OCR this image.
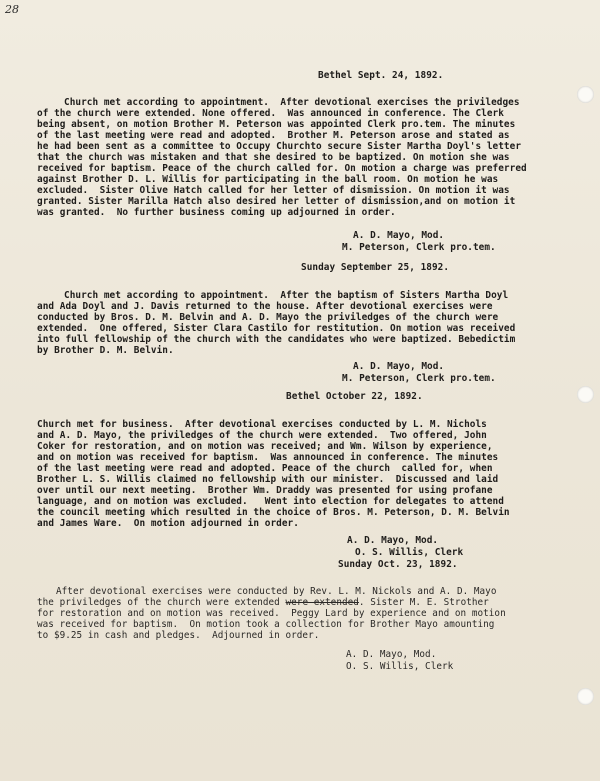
28
Bethel Sept. 24, 1892.
Church met according to appointment.  After devotional exercises the priviledges
of the church were extended. None offered.  Was announced in conference. The Clerk
being absent, on motion Brother M. Peterson was appointed Clerk pro.tem. The minutes
of the last meeting were read and adopted.  Brother M. Peterson arose and stated as
he had been sent as a committee to Occupy Churchto secure Sister Martha Doyl's letter
that the church was mistaken and that she desired to be baptized. On motion she was
received for baptism. Peace of the church called for. On motion a charge was preferred
against Brother D. L. Willis for participating in the ball room. On motion he was
excluded.  Sister Olive Hatch called for her letter of dismission. On motion it was
granted. Sister Marilla Hatch also desired her letter of dismission,and on motion it
was granted.  No further business coming up adjourned in order.
A. D. Mayo, Mod.
M. Peterson, Clerk pro.tem.
Sunday September 25, 1892.
Church met according to appointment.  After the baptism of Sisters Martha Doyl
and Ada Doyl and J. Davis returned to the house. After devotional exercises were
conducted by Bros. D. M. Belvin and A. D. Mayo the priviledges of the church were
extended.  One offered, Sister Clara Castilo for restitution. On motion was received
into full fellowship of the church with the candidates who were baptized. Bebedictim
by Brother D. M. Belvin.
A. D. Mayo, Mod.
M. Peterson, Clerk pro.tem.
Bethel October 22, 1892.
Church met for business.  After devotional exercises conducted by L. M. Nichols
and A. D. Mayo, the priviledges of the church were extended.  Two offered, John
Coker for restoration, and on motion was received; and Wm. Wilson by experience,
and on motion was received for baptism.  Was announced in conference. The minutes
of the last meeting were read and adopted. Peace of the church  called for, when
Brother L. S. Willis claimed no fellowship with our minister.  Discussed and laid
over until our next meeting.  Brother Wm. Draddy was presented for using profane
language, and on motion was excluded.   Went into election for delegates to attend
the council meeting which resulted in the choice of Bros. M. Peterson, D. M. Belvin
and James Ware.  On motion adjourned in order.
A. D. Mayo, Mod.
O. S. Willis, Clerk
Sunday Oct. 23, 1892.
After devotional exercises were conducted by Rev. L. M. Nickols and A. D. Mayo
the priviledges of the church were extended were extended. Sister M. E. Strother
for restoration and on motion was received.  Peggy Lard by experience and on motion
was received for baptism.  On motion took a collection for Brother Mayo amounting
to $9.25 in cash and pledges.  Adjourned in order.
A. D. Mayo, Mod.
O. S. Willis, Clerk
